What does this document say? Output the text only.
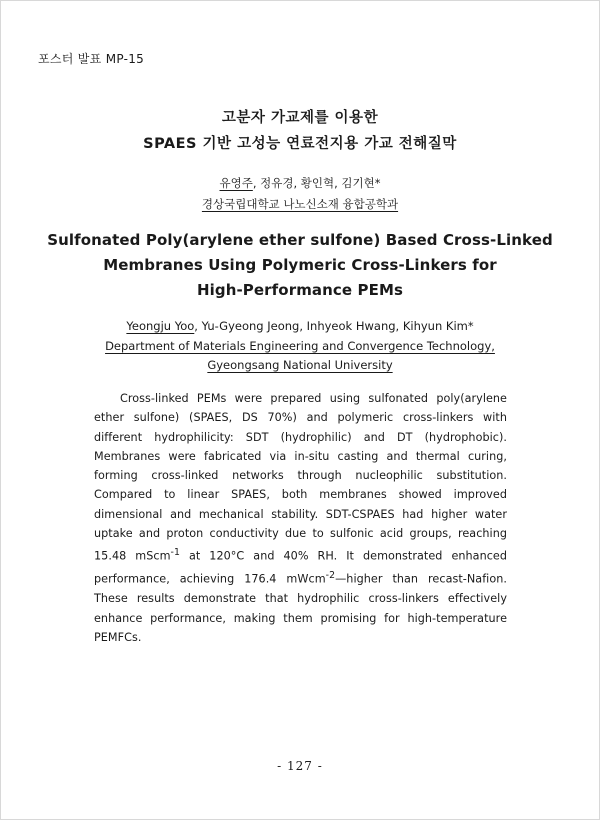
포스터 발표 MP-15
고분자 가교제를 이용한
SPAES 기반 고성능 연료전지용 가교 전해질막
유영주, 정유경, 황인혁, 김기현*
경상국립대학교 나노신소재 융합공학과
Sulfonated Poly(arylene ether sulfone) Based Cross-Linked
Membranes Using Polymeric Cross-Linkers for
High-Performance PEMs
Yeongju Yoo, Yu-Gyeong Jeong, Inhyeok Hwang, Kihyun Kim*
Department of Materials Engineering and Convergence Technology,
Gyeongsang National University

Cross-linked PEMs were prepared using sulfonated poly(arylene ether sulfone) (SPAES, DS 70%) and polymeric cross-linkers with different hydrophilicity: SDT (hydrophilic) and DT (hydrophobic). Membranes were fabricated via in-situ casting and thermal curing, forming cross-linked networks through nucleophilic substitution. Compared to linear SPAES, both membranes showed improved dimensional and mechanical stability. SDT-CSPAES had higher water uptake and proton conductivity due to sulfonic acid groups, reaching 15.48 mScm$^{-1}$ at 120°C and 40% RH. It demonstrated enhanced performance, achieving 176.4 mWcm$^{-2}$—higher than recast-Nafion. These results demonstrate that hydrophilic cross-linkers effectively enhance performance, making them promising for high-temperature PEMFCs.

- 127 -
